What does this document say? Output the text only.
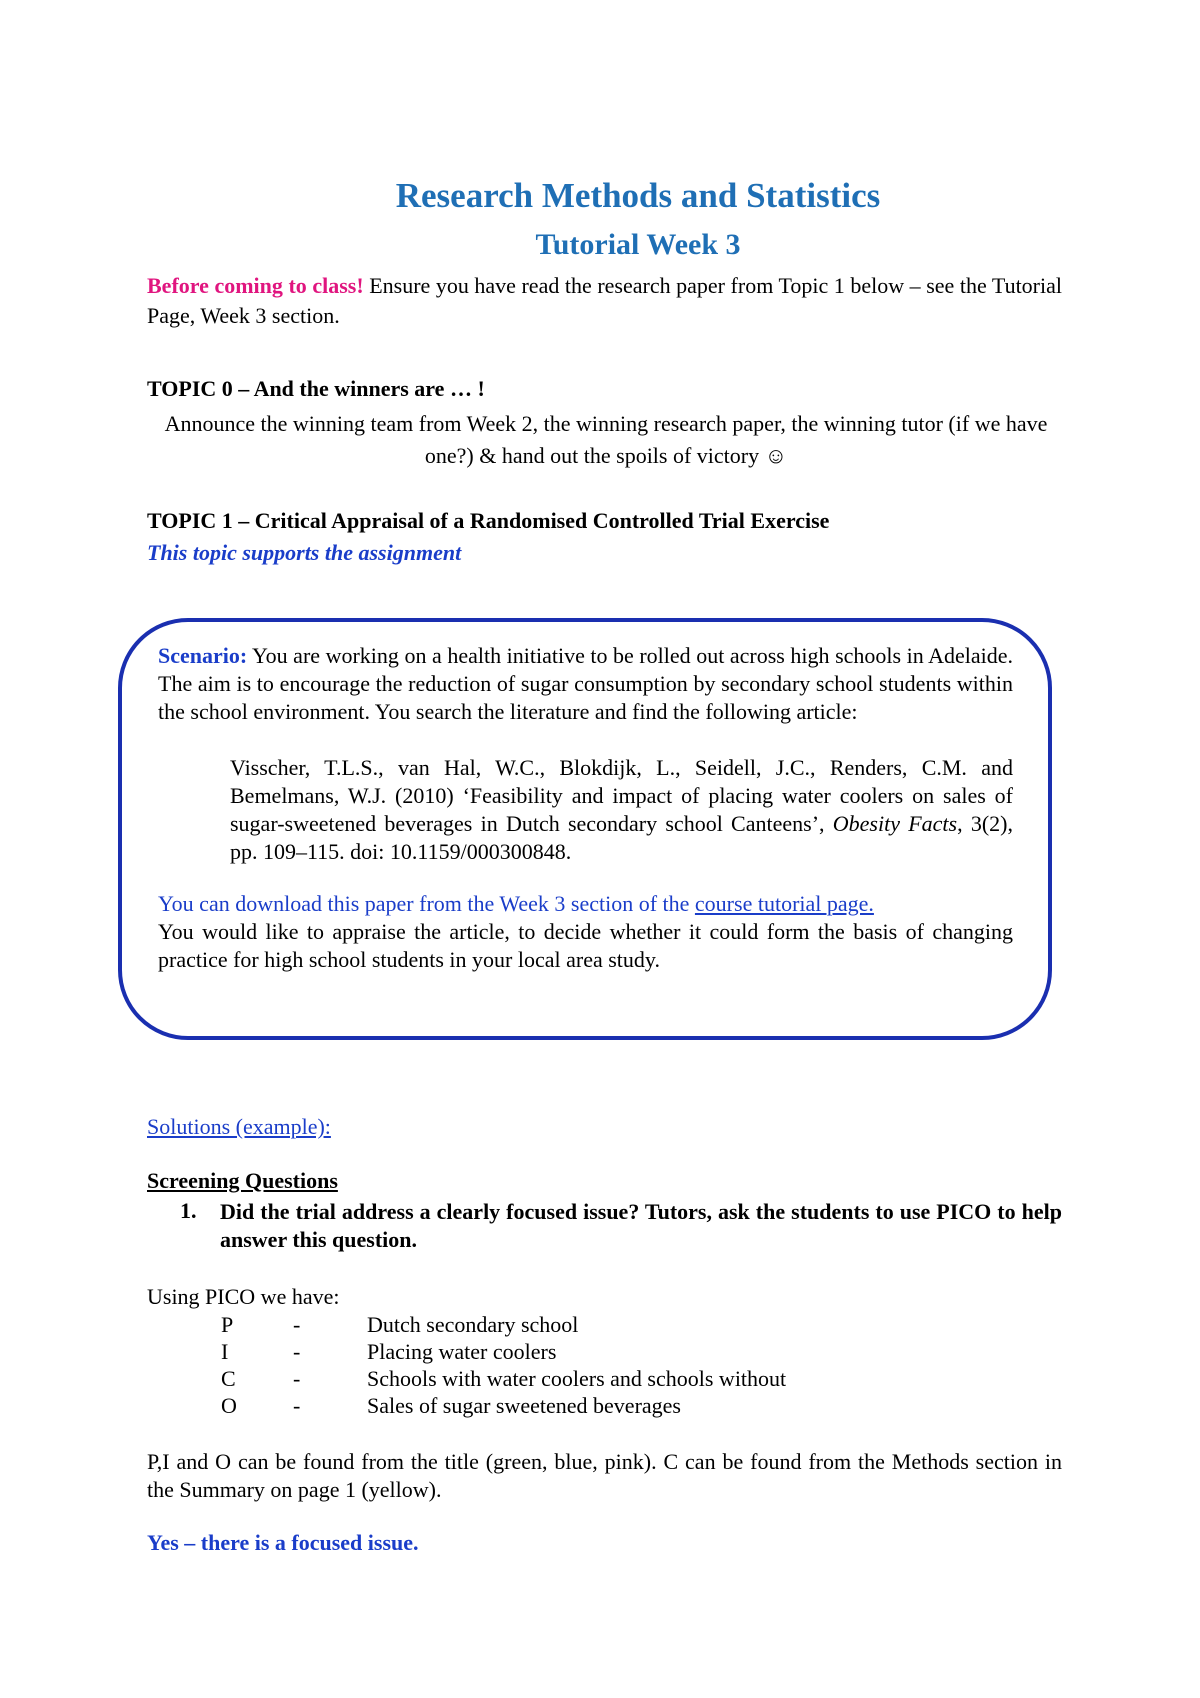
Research Methods and Statistics
Tutorial Week 3
Before coming to class! Ensure you have read the research paper from Topic 1 below – see the Tutorial Page, Week 3 section.
TOPIC 0 – And the winners are … !
Announce the winning team from Week 2, the winning research paper, the winning tutor (if we have one?) & hand out the spoils of victory ☺
TOPIC 1 – Critical Appraisal of a Randomised Controlled Trial Exercise
This topic supports the assignment
Scenario: You are working on a health initiative to be rolled out across high schools in Adelaide. The aim is to encourage the reduction of sugar consumption by secondary school students within the school environment. You search the literature and find the following article:
Visscher, T.L.S., van Hal, W.C., Blokdijk, L., Seidell, J.C., Renders, C.M. and Bemelmans, W.J. (2010) ‘Feasibility and impact of placing water coolers on sales of sugar-sweetened beverages in Dutch secondary school Canteens’, Obesity Facts, 3(2), pp. 109–115. doi: 10.1159/000300848.
You can download this paper from the Week 3 section of the course tutorial page.
You would like to appraise the article, to decide whether it could form the basis of changing practice for high school students in your local area study.
Solutions (example):
Screening Questions
1. Did the trial address a clearly focused issue? Tutors, ask the students to use PICO to help answer this question.
Using PICO we have:
P	-	Dutch secondary school
I	-	Placing water coolers
C	-	Schools with water coolers and schools without
O	-	Sales of sugar sweetened beverages
P,I and O can be found from the title (green, blue, pink). C can be found from the Methods section in the Summary on page 1 (yellow).
Yes – there is a focused issue.
